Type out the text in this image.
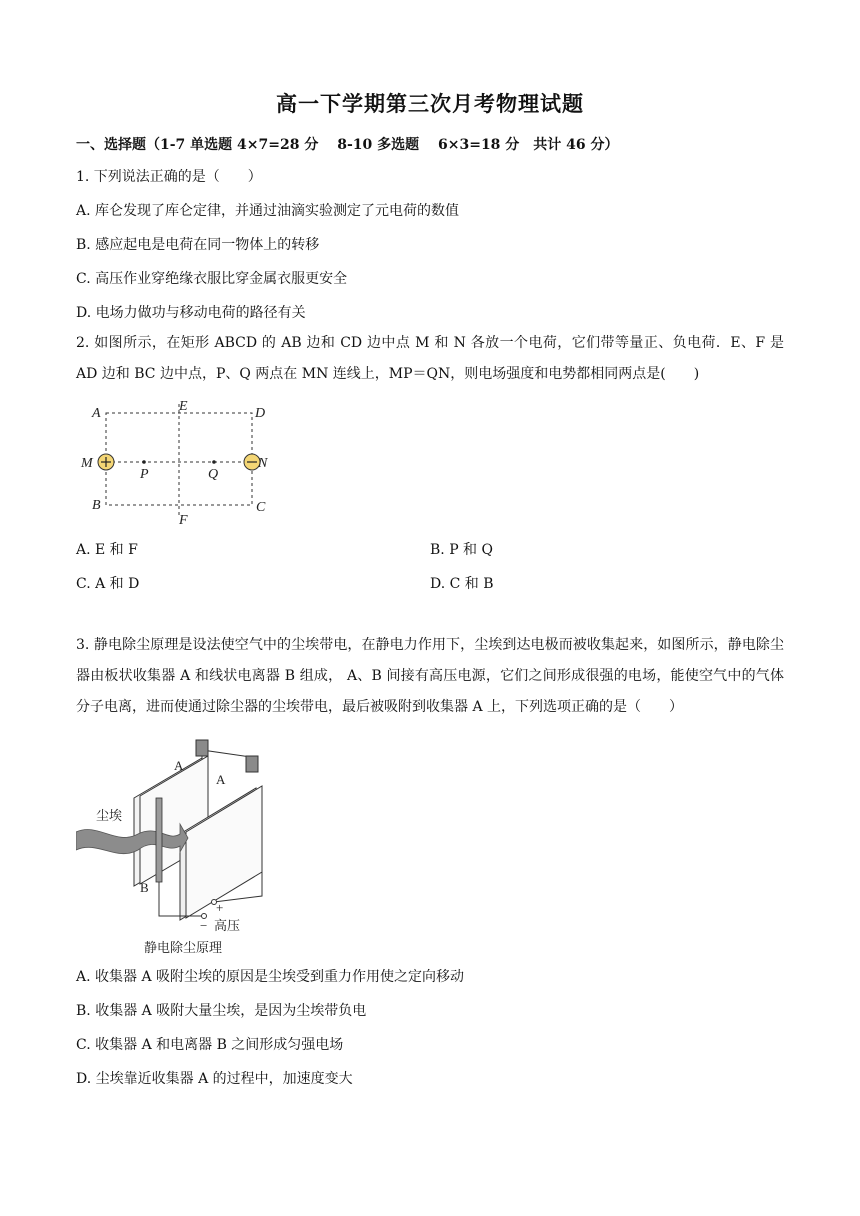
高一下学期第三次月考物理试题
一、选择题（1-7 单选题 4×7=28 分　 8-10 多选题　 6×3=18 分　共计 46 分）
1. 下列说法正确的是（　　）
A. 库仑发现了库仑定律，并通过油滴实验测定了元电荷的数值
B. 感应起电是电荷在同一物体上的转移
C. 高压作业穿绝缘衣服比穿金属衣服更安全
D. 电场力做功与移动电荷的路径有关
2. 如图所示，在矩形 ABCD 的 AB 边和 CD 边中点 M 和 N 各放一个电荷，它们带等量正、负电荷．E、F 是 AD 边和 BC 边中点，P、Q 两点在 MN 连线上，MP＝QN，则电场强度和电势都相同两点是(　　)
A	E	D
M
P	Q
N
B	C
F
A. E 和 F	B. P 和 Q
C. A 和 D	D. C 和 B
3. 静电除尘原理是设法使空气中的尘埃带电，在静电力作用下，尘埃到达电极而被收集起来，如图所示，静电除尘器由板状收集器 A 和线状电离器 B 组成， A、B 间接有高压电源，它们之间形成很强的电场，能使空气中的气体分子电离，进而使通过除尘器的尘埃带电，最后被吸附到收集器 A 上，下列选项正确的是（　　）
尘埃
A
A
B
−
+
高压
静电除尘原理
A. 收集器 A 吸附尘埃的原因是尘埃受到重力作用使之定向移动
B. 收集器 A 吸附大量尘埃，是因为尘埃带负电
C. 收集器 A 和电离器 B 之间形成匀强电场
D. 尘埃靠近收集器 A 的过程中，加速度变大
